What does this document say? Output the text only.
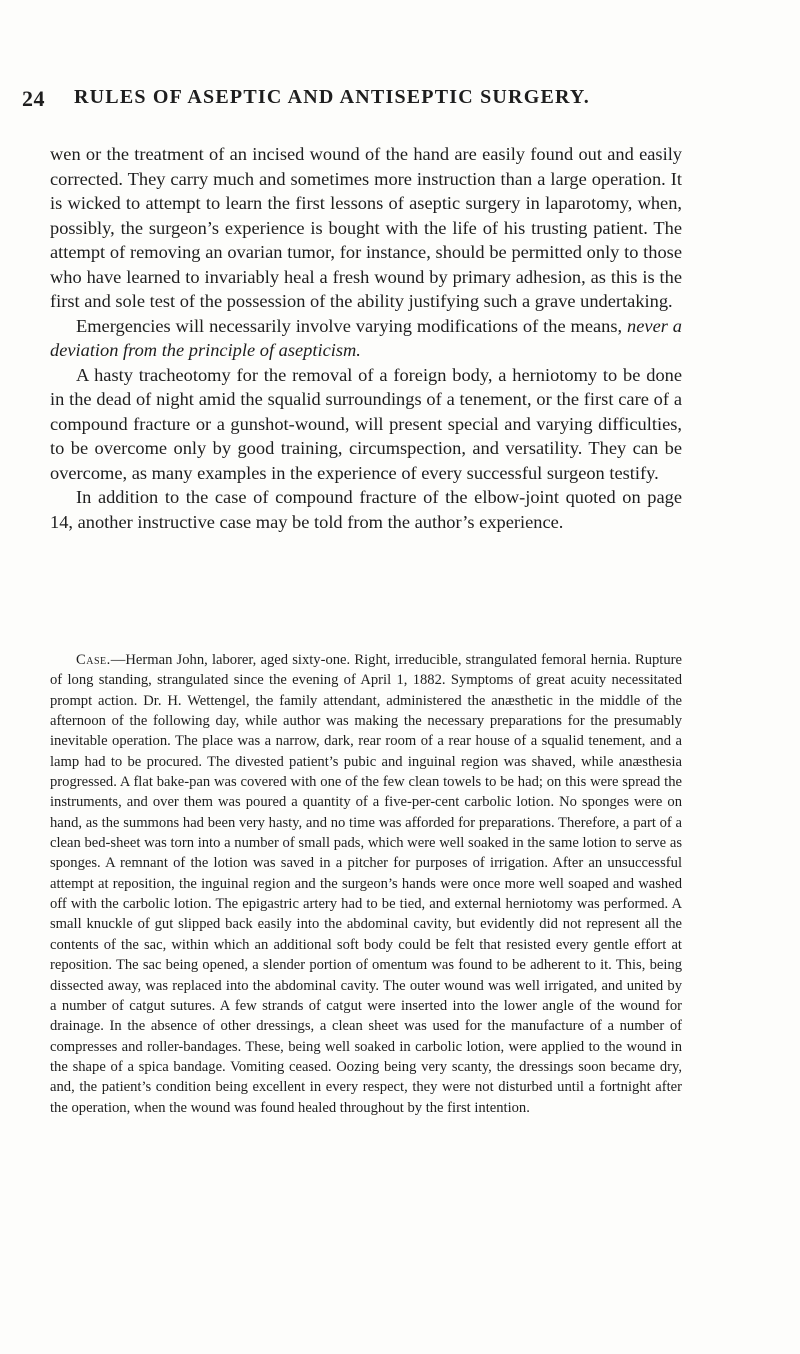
24 RULES OF ASEPTIC AND ANTISEPTIC SURGERY.

wen or the treatment of an incised wound of the hand are easily found out and easily corrected. They carry much and sometimes more instruction than a large operation. It is wicked to attempt to learn the first lessons of aseptic surgery in laparotomy, when, possibly, the surgeon’s experience is bought with the life of his trusting patient. The attempt of removing an ovarian tumor, for instance, should be permitted only to those who have learned to invariably heal a fresh wound by primary adhesion, as this is the first and sole test of the possession of the ability justifying such a grave undertaking.

Emergencies will necessarily involve varying modifications of the means, never a deviation from the principle of asepticism.

A hasty tracheotomy for the removal of a foreign body, a herniotomy to be done in the dead of night amid the squalid surroundings of a tenement, or the first care of a compound fracture or a gunshot-wound, will present special and varying difficulties, to be overcome only by good training, circumspection, and versatility. They can be overcome, as many examples in the experience of every successful surgeon testify.

In addition to the case of compound fracture of the elbow-joint quoted on page 14, another instructive case may be told from the author’s experience.

Case.—Herman John, laborer, aged sixty-one. Right, irreducible, strangulated femoral hernia. Rupture of long standing, strangulated since the evening of April 1, 1882. Symptoms of great acuity necessitated prompt action. Dr. H. Wettengel, the family attendant, administered the anæsthetic in the middle of the afternoon of the following day, while author was making the necessary preparations for the presumably inevitable operation. The place was a narrow, dark, rear room of a rear house of a squalid tenement, and a lamp had to be procured. The divested patient’s pubic and inguinal region was shaved, while anæsthesia progressed. A flat bake-pan was covered with one of the few clean towels to be had; on this were spread the instruments, and over them was poured a quantity of a five-per-cent carbolic lotion. No sponges were on hand, as the summons had been very hasty, and no time was afforded for preparations. Therefore, a part of a clean bed-sheet was torn into a number of small pads, which were well soaked in the same lotion to serve as sponges. A remnant of the lotion was saved in a pitcher for purposes of irrigation. After an unsuccessful attempt at reposition, the inguinal region and the surgeon’s hands were once more well soaped and washed off with the carbolic lotion. The epigastric artery had to be tied, and external herniotomy was performed. A small knuckle of gut slipped back easily into the abdominal cavity, but evidently did not represent all the contents of the sac, within which an additional soft body could be felt that resisted every gentle effort at reposition. The sac being opened, a slender portion of omentum was found to be adherent to it. This, being dissected away, was replaced into the abdominal cavity. The outer wound was well irrigated, and united by a number of catgut sutures. A few strands of catgut were inserted into the lower angle of the wound for drainage. In the absence of other dressings, a clean sheet was used for the manufacture of a number of compresses and roller-bandages. These, being well soaked in carbolic lotion, were applied to the wound in the shape of a spica bandage. Vomiting ceased. Oozing being very scanty, the dressings soon became dry, and, the patient’s condition being excellent in every respect, they were not disturbed until a fortnight after the operation, when the wound was found healed throughout by the first intention.
